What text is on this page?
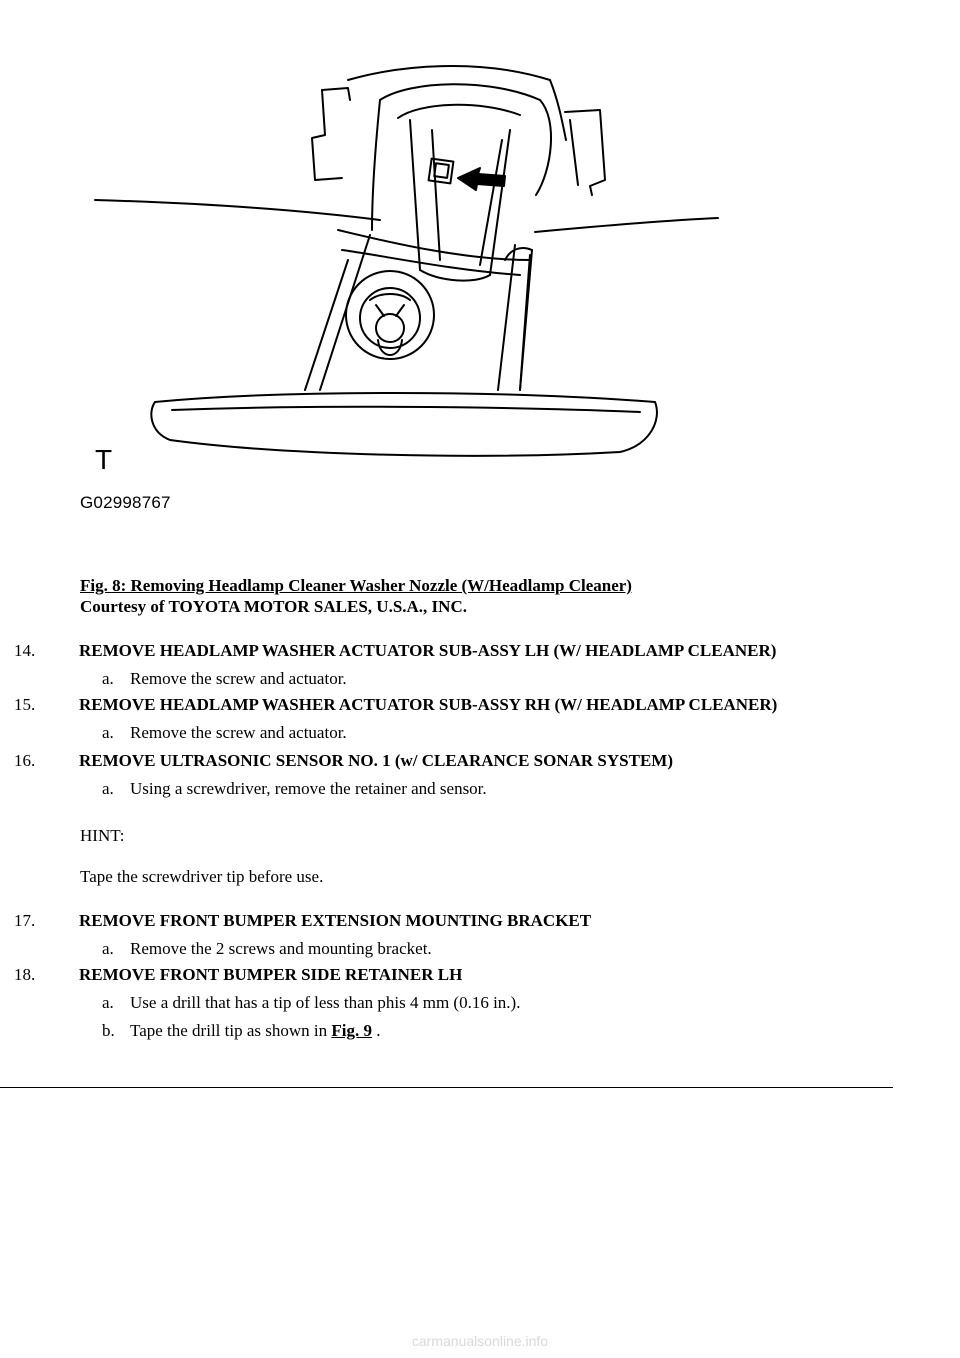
T
G02998767
Fig. 8: Removing Headlamp Cleaner Washer Nozzle (W/Headlamp Cleaner)
Courtesy of TOYOTA MOTOR SALES, U.S.A., INC.
14.	REMOVE HEADLAMP WASHER ACTUATOR SUB-ASSY LH (W/ HEADLAMP CLEANER)
a. Remove the screw and actuator.
15.	REMOVE HEADLAMP WASHER ACTUATOR SUB-ASSY RH (W/ HEADLAMP CLEANER)
a. Remove the screw and actuator.
16.	REMOVE ULTRASONIC SENSOR NO. 1 (w/ CLEARANCE SONAR SYSTEM)
a. Using a screwdriver, remove the retainer and sensor.
HINT:
Tape the screwdriver tip before use.
17.	REMOVE FRONT BUMPER EXTENSION MOUNTING BRACKET
a. Remove the 2 screws and mounting bracket.
18.	REMOVE FRONT BUMPER SIDE RETAINER LH
a. Use a drill that has a tip of less than phis 4 mm (0.16 in.).
b. Tape the drill tip as shown in Fig. 9 .
carmanualsonline.info
